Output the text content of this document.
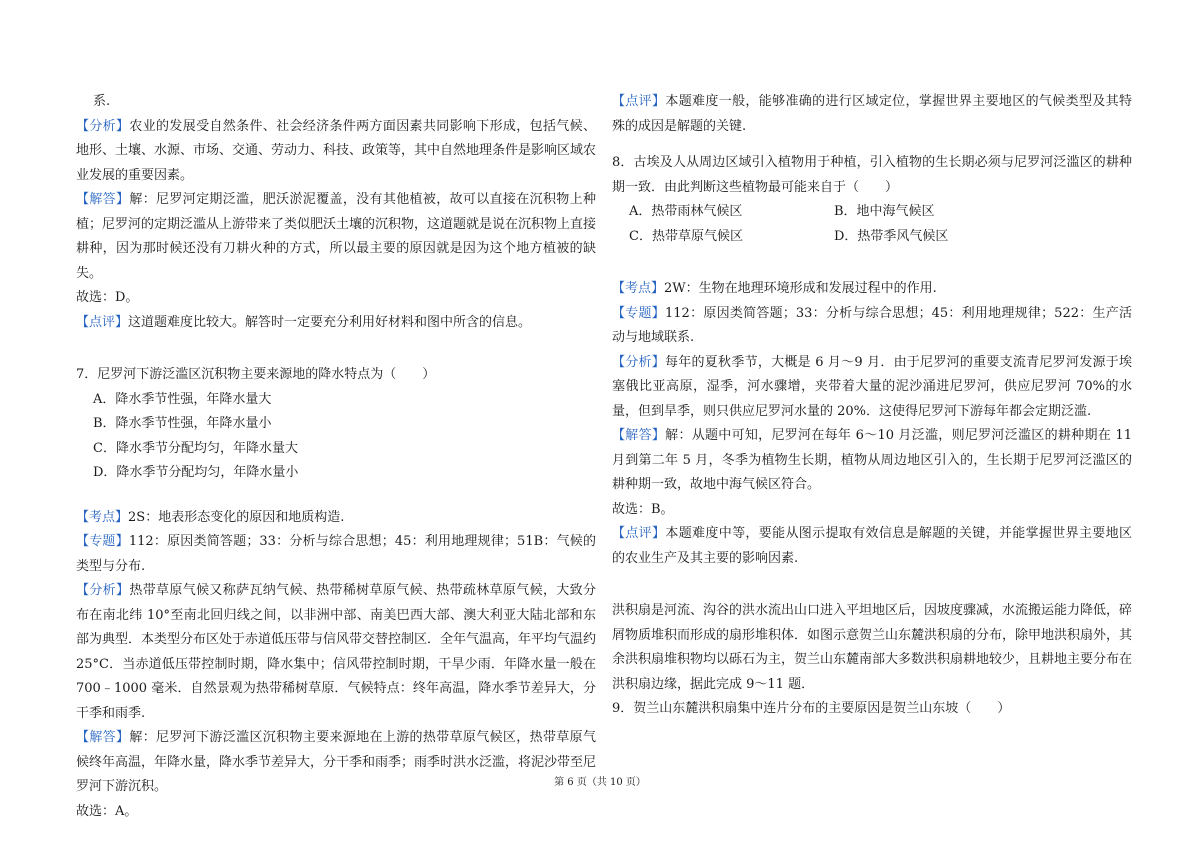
系.

【分析】农业的发展受自然条件、社会经济条件两方面因素共同影响下形成，包括气候、地形、土壤、水源、市场、交通、劳动力、科技、政策等，其中自然地理条件是影响区域农业发展的重要因素。

【解答】解：尼罗河定期泛滥，肥沃淤泥覆盖，没有其他植被，故可以直接在沉积物上种植；尼罗河的定期泛滥从上游带来了类似肥沃土壤的沉积物，这道题就是说在沉积物上直接耕种，因为那时候还没有刀耕火种的方式，所以最主要的原因就是因为这个地方植被的缺失。

故选：D。

【点评】这道题难度比较大。解答时一定要充分利用好材料和图中所含的信息。

7．尼罗河下游泛滥区沉积物主要来源地的降水特点为（　　）

A．降水季节性强，年降水量大

B．降水季节性强，年降水量小

C．降水季节分配均匀，年降水量大

D．降水季节分配均匀，年降水量小

【考点】2S：地表形态变化的原因和地质构造.

【专题】112：原因类简答题；33：分析与综合思想；45：利用地理规律；51B：气候的类型与分布.

【分析】热带草原气候又称萨瓦纳气候、热带稀树草原气候、热带疏林草原气候，大致分布在南北纬 10°至南北回归线之间，以非洲中部、南美巴西大部、澳大利亚大陆北部和东部为典型．本类型分布区处于赤道低压带与信风带交替控制区．全年气温高，年平均气温约 25°C．当赤道低压带控制时期，降水集中；信风带控制时期，干旱少雨．年降水量一般在 700﹣1000 毫米．自然景观为热带稀树草原．气候特点：终年高温，降水季节差异大，分干季和雨季.

【解答】解：尼罗河下游泛滥区沉积物主要来源地在上游的热带草原气候区，热带草原气候终年高温，年降水量，降水季节差异大，分干季和雨季；雨季时洪水泛滥，将泥沙带至尼罗河下游沉积。

故选：A。

【点评】本题难度一般，能够准确的进行区域定位，掌握世界主要地区的气候类型及其特殊的成因是解题的关键.

8．古埃及人从周边区域引入植物用于种植，引入植物的生长期必须与尼罗河泛滥区的耕种期一致．由此判断这些植物最可能来自于（　　）

A．热带雨林气候区	B．地中海气候区
C．热带草原气候区	D．热带季风气候区

【考点】2W：生物在地理环境形成和发展过程中的作用.

【专题】112：原因类简答题；33：分析与综合思想；45：利用地理规律；522：生产活动与地域联系.

【分析】每年的夏秋季节，大概是 6 月～9 月．由于尼罗河的重要支流青尼罗河发源于埃塞俄比亚高原，湿季，河水骤增，夹带着大量的泥沙涌进尼罗河，供应尼罗河 70%的水量，但到旱季，则只供应尼罗河水量的 20%．这使得尼罗河下游每年都会定期泛滥.

【解答】解：从题中可知，尼罗河在每年 6～10 月泛滥，则尼罗河泛滥区的耕种期在 11 月到第二年 5 月，冬季为植物生长期，植物从周边地区引入的，生长期于尼罗河泛滥区的耕种期一致，故地中海气候区符合。

故选：B。

【点评】本题难度中等，要能从图示提取有效信息是解题的关键，并能掌握世界主要地区的农业生产及其主要的影响因素.

洪积扇是河流、沟谷的洪水流出山口进入平坦地区后，因坡度骤减，水流搬运能力降低，碎屑物质堆积而形成的扇形堆积体．如图示意贺兰山东麓洪积扇的分布，除甲地洪积扇外，其余洪积扇堆积物均以砾石为主，贺兰山东麓南部大多数洪积扇耕地较少，且耕地主要分布在洪积扇边缘，据此完成 9～11 题．

9．贺兰山东麓洪积扇集中连片分布的主要原因是贺兰山东坡（　　）

第 6 页（共 10 页）
